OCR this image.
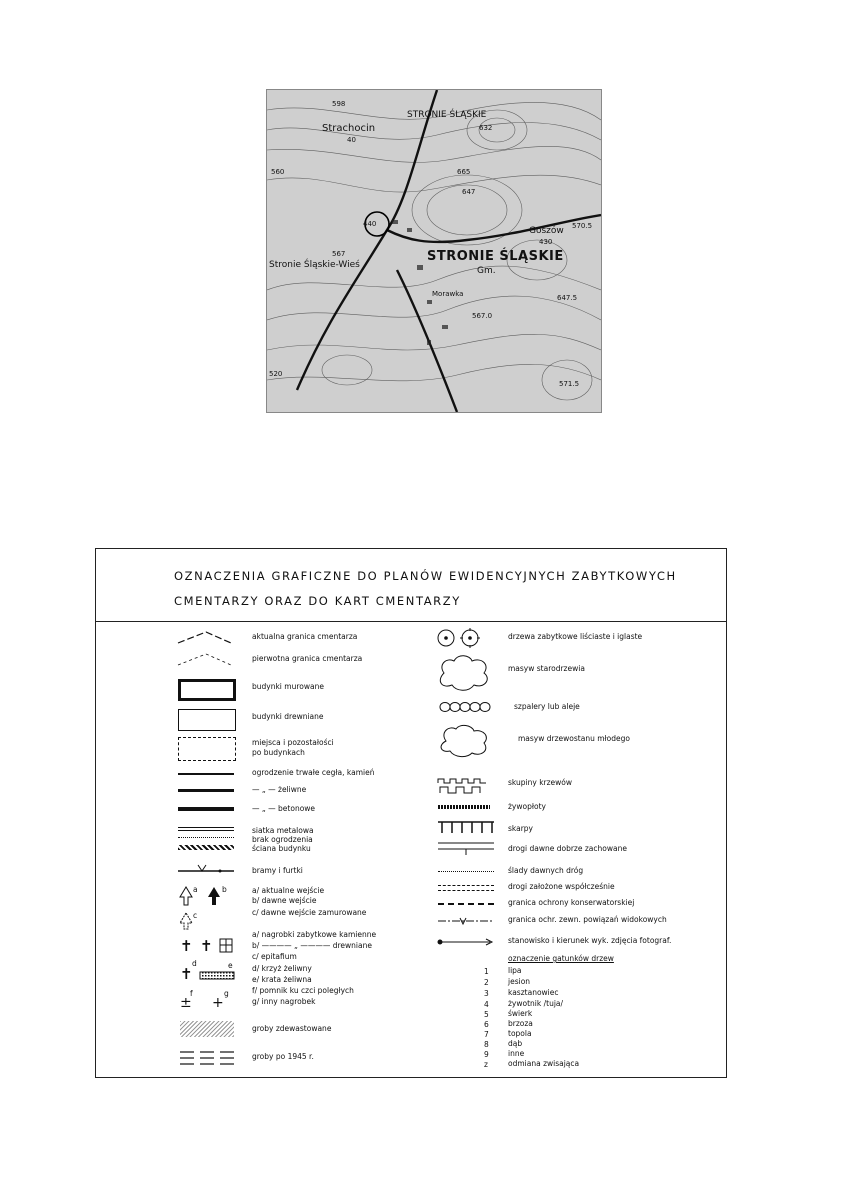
Strachocin
STRONIE ŚLĄSKIE
Goszów
STRONIE ŚLĄSKIE
Gm.
Stronie Śląskie-Wieś
Morawka
598
560	665
647
632
440
430
570.5
567
567.0
647.5
571.5
520
40
OZNACZENIA GRAFICZNE DO PLANÓW EWIDENCYJNYCH ZABYTKOWYCH
CMENTARZY ORAZ DO KART CMENTARZY
a	b
c
✝ ✝
✝
d	e
± +
f	g
aktualna granica cmentarza
pierwotna granica cmentarza
budynki murowane
budynki drewniane
miejsca i pozostałości
po budynkach
ogrodzenie trwałe cegła, kamień
— „ — żeliwne
— „ — betonowe
siatka metalowa
brak ogrodzenia
ściana budynku
bramy i furtki
a/ aktualne wejście
b/ dawne wejście
c/ dawne wejście zamurowane
a/ nagrobki zabytkowe kamienne
b/ ———— „ ———— drewniane
c/ epitafium
d/ krzyż żeliwny
e/ krata żeliwna
f/ pomnik ku czci poległych
g/ inny nagrobek
groby zdewastowane
groby po 1945 r.
drzewa zabytkowe liściaste i iglaste
masyw starodrzewia
szpalery lub aleje
masyw drzewostanu młodego
skupiny krzewów
żywopłoty
skarpy
drogi dawne dobrze zachowane
ślady dawnych dróg
drogi założone współcześnie
granica ochrony konserwatorskiej
granica ochr. zewn. powiązań widokowych
stanowisko i kierunek wyk. zdjęcia fotograf.
oznaczenie gatunków drzew
1	lipa
2	jesion
3	kasztanowiec
4	żywotnik /tuja/
5	świerk
6	brzoza
7	topola
8	dąb
9	inne
z	odmiana zwisająca
